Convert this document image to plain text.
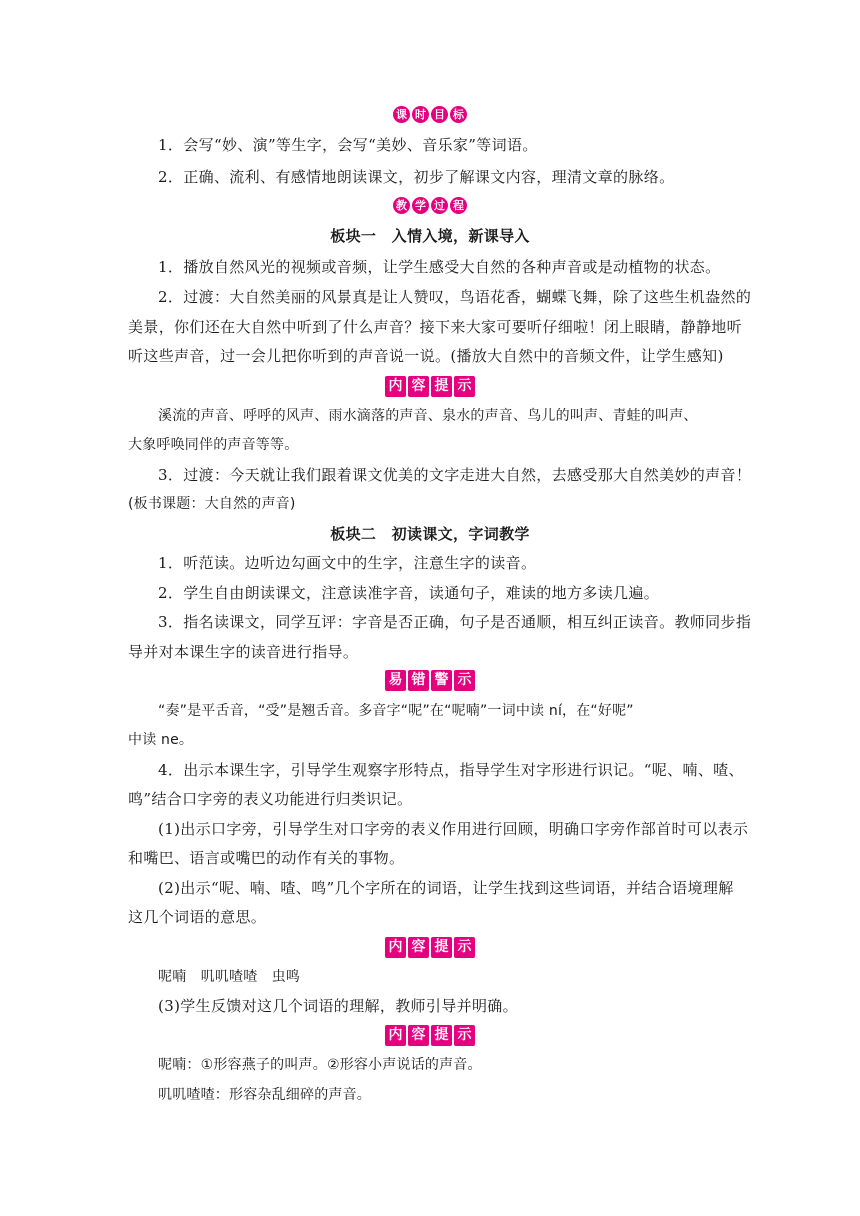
课 时 目 标
1．会写“妙、演”等生字，会写“美妙、音乐家”等词语。
2．正确、流利、有感情地朗读课文，初步了解课文内容，理清文章的脉络。
教 学 过 程
板块一　入情入境，新课导入
1．播放自然风光的视频或音频，让学生感受大自然的各种声音或是动植物的状态。
2．过渡：大自然美丽的风景真是让人赞叹，鸟语花香，蝴蝶飞舞，除了这些生机盎然的
美景，你们还在大自然中听到了什么声音？接下来大家可要听仔细啦！闭上眼睛，静静地听
听这些声音，过一会儿把你听到的声音说一说。(播放大自然中的音频文件，让学生感知)
内 容 提 示
溪流的声音、呼呼的风声、雨水滴落的声音、泉水的声音、鸟儿的叫声、青蛙的叫声、
大象呼唤同伴的声音等等。
3．过渡：今天就让我们跟着课文优美的文字走进大自然，去感受那大自然美妙的声音！
(板书课题：大自然的声音)
板块二　初读课文，字词教学
1．听范读。边听边勾画文中的生字，注意生字的读音。
2．学生自由朗读课文，注意读准字音，读通句子，难读的地方多读几遍。
3．指名读课文，同学互评：字音是否正确，句子是否通顺，相互纠正读音。教师同步指
导并对本课生字的读音进行指导。
易 错 警 示
“奏”是平舌音，“受”是翘舌音。多音字“呢”在“呢喃”一词中读 ní，在“好呢”
中读 ne。
4．出示本课生字，引导学生观察字形特点，指导学生对字形进行识记。“呢、喃、喳、
鸣”结合口字旁的表义功能进行归类识记。
(1)出示口字旁，引导学生对口字旁的表义作用进行回顾，明确口字旁作部首时可以表示
和嘴巴、语言或嘴巴的动作有关的事物。
(2)出示“呢、喃、喳、鸣”几个字所在的词语，让学生找到这些词语，并结合语境理解
这几个词语的意思。
内 容 提 示
呢喃　叽叽喳喳　虫鸣
(3)学生反馈对这几个词语的理解，教师引导并明确。
内 容 提 示
呢喃：①形容燕子的叫声。②形容小声说话的声音。
叽叽喳喳：形容杂乱细碎的声音。
